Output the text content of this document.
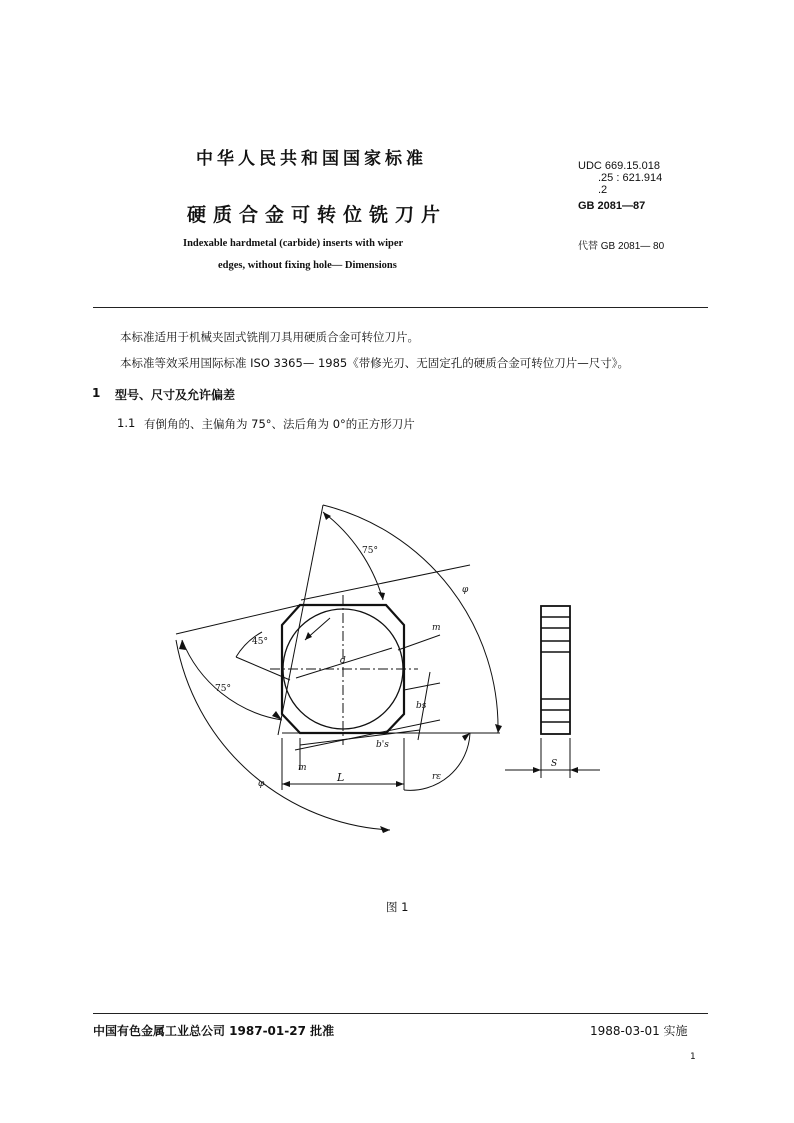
中华人民共和国国家标准
硬质合金可转位铣刀片
Indexable hardmetal (carbide) inserts with wiper
edges, without fixing hole— Dimensions
UDC 669.15.018
.25 : 621.914
.2
GB 2081—87
代替 GB 2081— 80
本标准适用于机械夹固式铣削刀具用硬质合金可转位刀片。
本标准等效采用国际标准 ISO 3365— 1985《带修光刃、无固定孔的硬质合金可转位刀片—尺寸》。
1 型号、尺寸及允许偏差
1.1 有倒角的、主偏角为 75°、法后角为 0°的正方形刀片
75°
45°
75°
d
m
m
φ
φ
bs
b's
L	rε
S
图 1
中国有色金属工业总公司 1987-01-27 批准	1988-03-01 实施
1
